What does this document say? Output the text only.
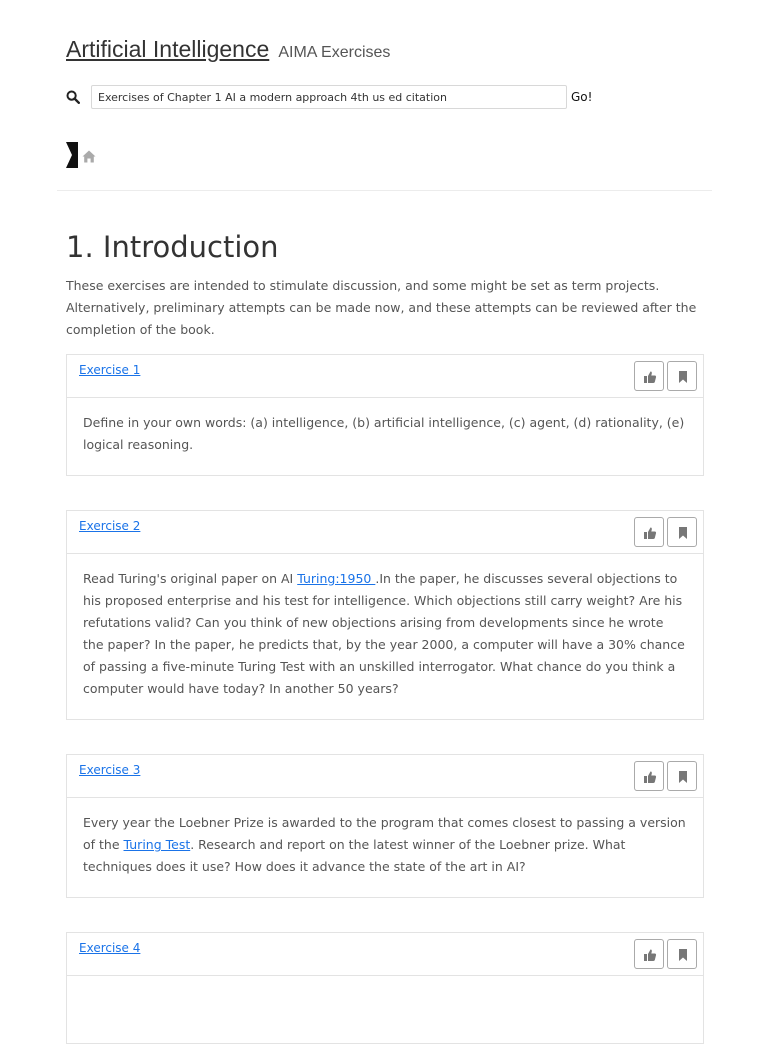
Artificial Intelligence AIMA Exercises
Exercises of Chapter 1 AI a modern approach 4th us ed citation
Go!
1. Introduction

These exercises are intended to stimulate discussion, and some might be set as term projects. Alternatively, preliminary attempts can be made now, and these attempts can be reviewed after the completion of the book.

Exercise 1

Define in your own words: (a) intelligence, (b) artificial intelligence, (c) agent, (d) rationality, (e) logical reasoning.

Exercise 2

Read Turing's original paper on AI Turing:1950 .In the paper, he discusses several objections to his proposed enterprise and his test for intelligence. Which objections still carry weight? Are his refutations valid? Can you think of new objections arising from developments since he wrote the paper? In the paper, he predicts that, by the year 2000, a computer will have a 30% chance of passing a five-minute Turing Test with an unskilled interrogator. What chance do you think a computer would have today? In another 50 years?

Exercise 3

Every year the Loebner Prize is awarded to the program that comes closest to passing a version of the Turing Test. Research and report on the latest winner of the Loebner prize. What techniques does it use? How does it advance the state of the art in AI?

Exercise 4
